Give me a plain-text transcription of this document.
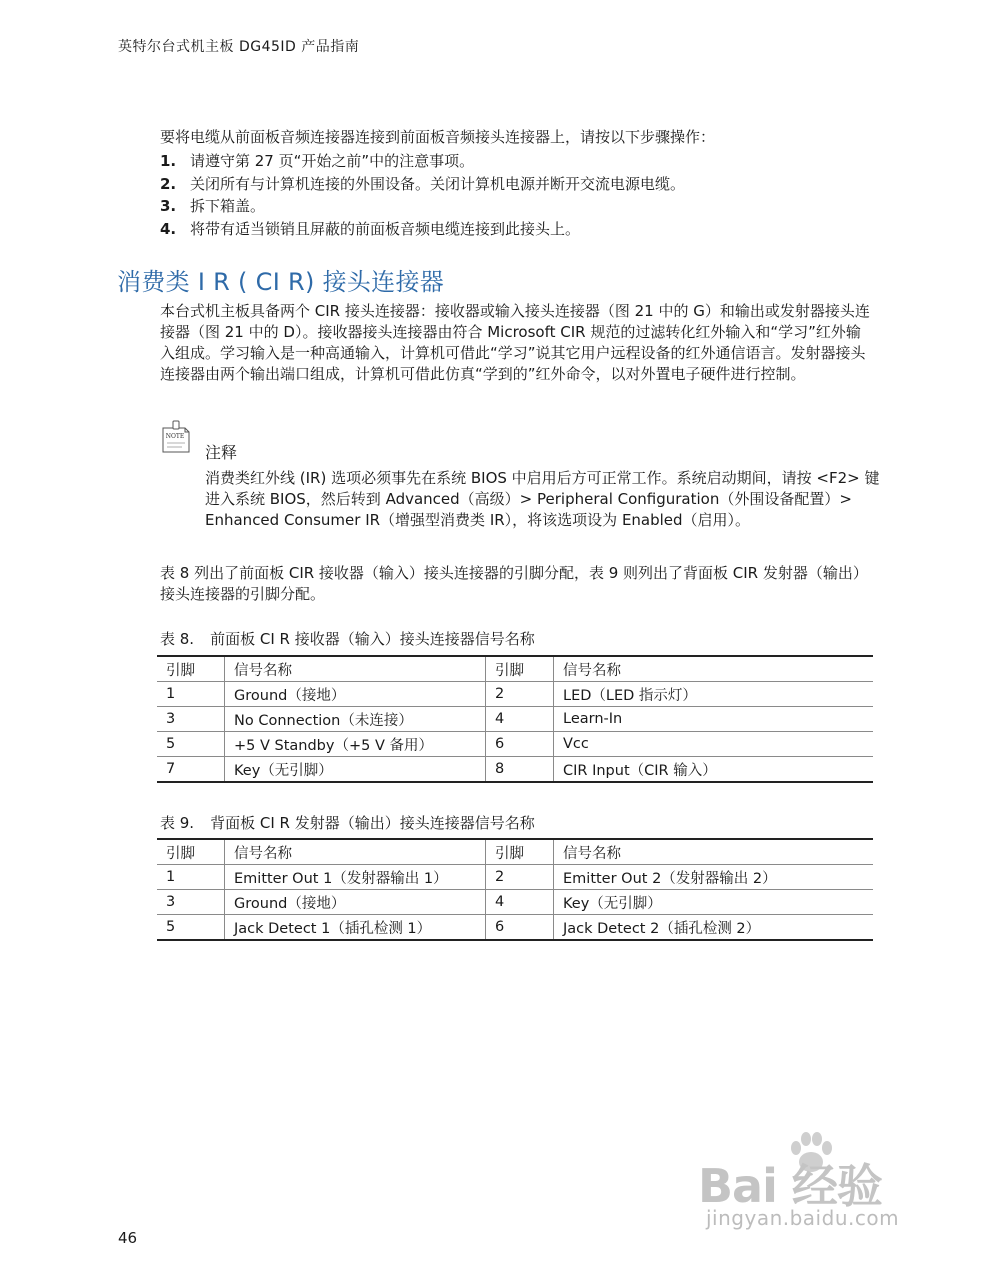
英特尔台式机主板 DG45ID 产品指南

要将电缆从前面板音频连接器连接到前面板音频接头连接器上，请按以下步骤操作：

1. 请遵守第 27 页“开始之前”中的注意事项。
2. 关闭所有与计算机连接的外围设备。关闭计算机电源并断开交流电源电缆。
3. 拆下箱盖。
4. 将带有适当锁销且屏蔽的前面板音频电缆连接到此接头上。
消费类 I R ( CI R) 接头连接器

本台式机主板具备两个 CIR 接头连接器：接收器或输入接头连接器（图 21 中的 G）和输出或发射器接头连接器（图 21 中的 D）。接收器接头连接器由符合 Microsoft CIR 规范的过滤转化红外输入和“学习”红外输入组成。学习输入是一种高通输入，计算机可借此“学习”说其它用户远程设备的红外通信语言。发射器接头连接器由两个输出端口组成，计算机可借此仿真“学到的”红外命令，以对外置电子硬件进行控制。

NOTE

注释

消费类红外线 (IR) 选项必须事先在系统 BIOS 中启用后方可正常工作。系统启动期间，请按 <F2> 键进入系统 BIOS，然后转到 Advanced（高级）> Peripheral Configuration（外围设备配置）> Enhanced Consumer IR（增强型消费类 IR），将该选项设为 Enabled（启用）。

表 8 列出了前面板 CIR 接收器（输入）接头连接器的引脚分配，表 9 则列出了背面板 CIR 发射器（输出）接头连接器的引脚分配。

表 8. 前面板 CI R 接收器（输入）接头连接器信号名称

引脚	信号名称	引脚	信号名称
1	Ground（接地）	2	LED（LED 指示灯）
3	No Connection（未连接）	4	Learn-In
5	+5 V Standby（+5 V 备用）	6	Vcc
7	Key（无引脚）	8	CIR Input（CIR 输入）

表 9. 背面板 CI R 发射器（输出）接头连接器信号名称

引脚	信号名称	引脚	信号名称
1	Emitter Out 1（发射器输出 1）	2	Emitter Out 2（发射器输出 2）
3	Ground（接地）	4	Key（无引脚）
5	Jack Detect 1（插孔检测 1）	6	Jack Detect 2（插孔检测 2）
46
Bai 经验
jingyan.baidu.com
